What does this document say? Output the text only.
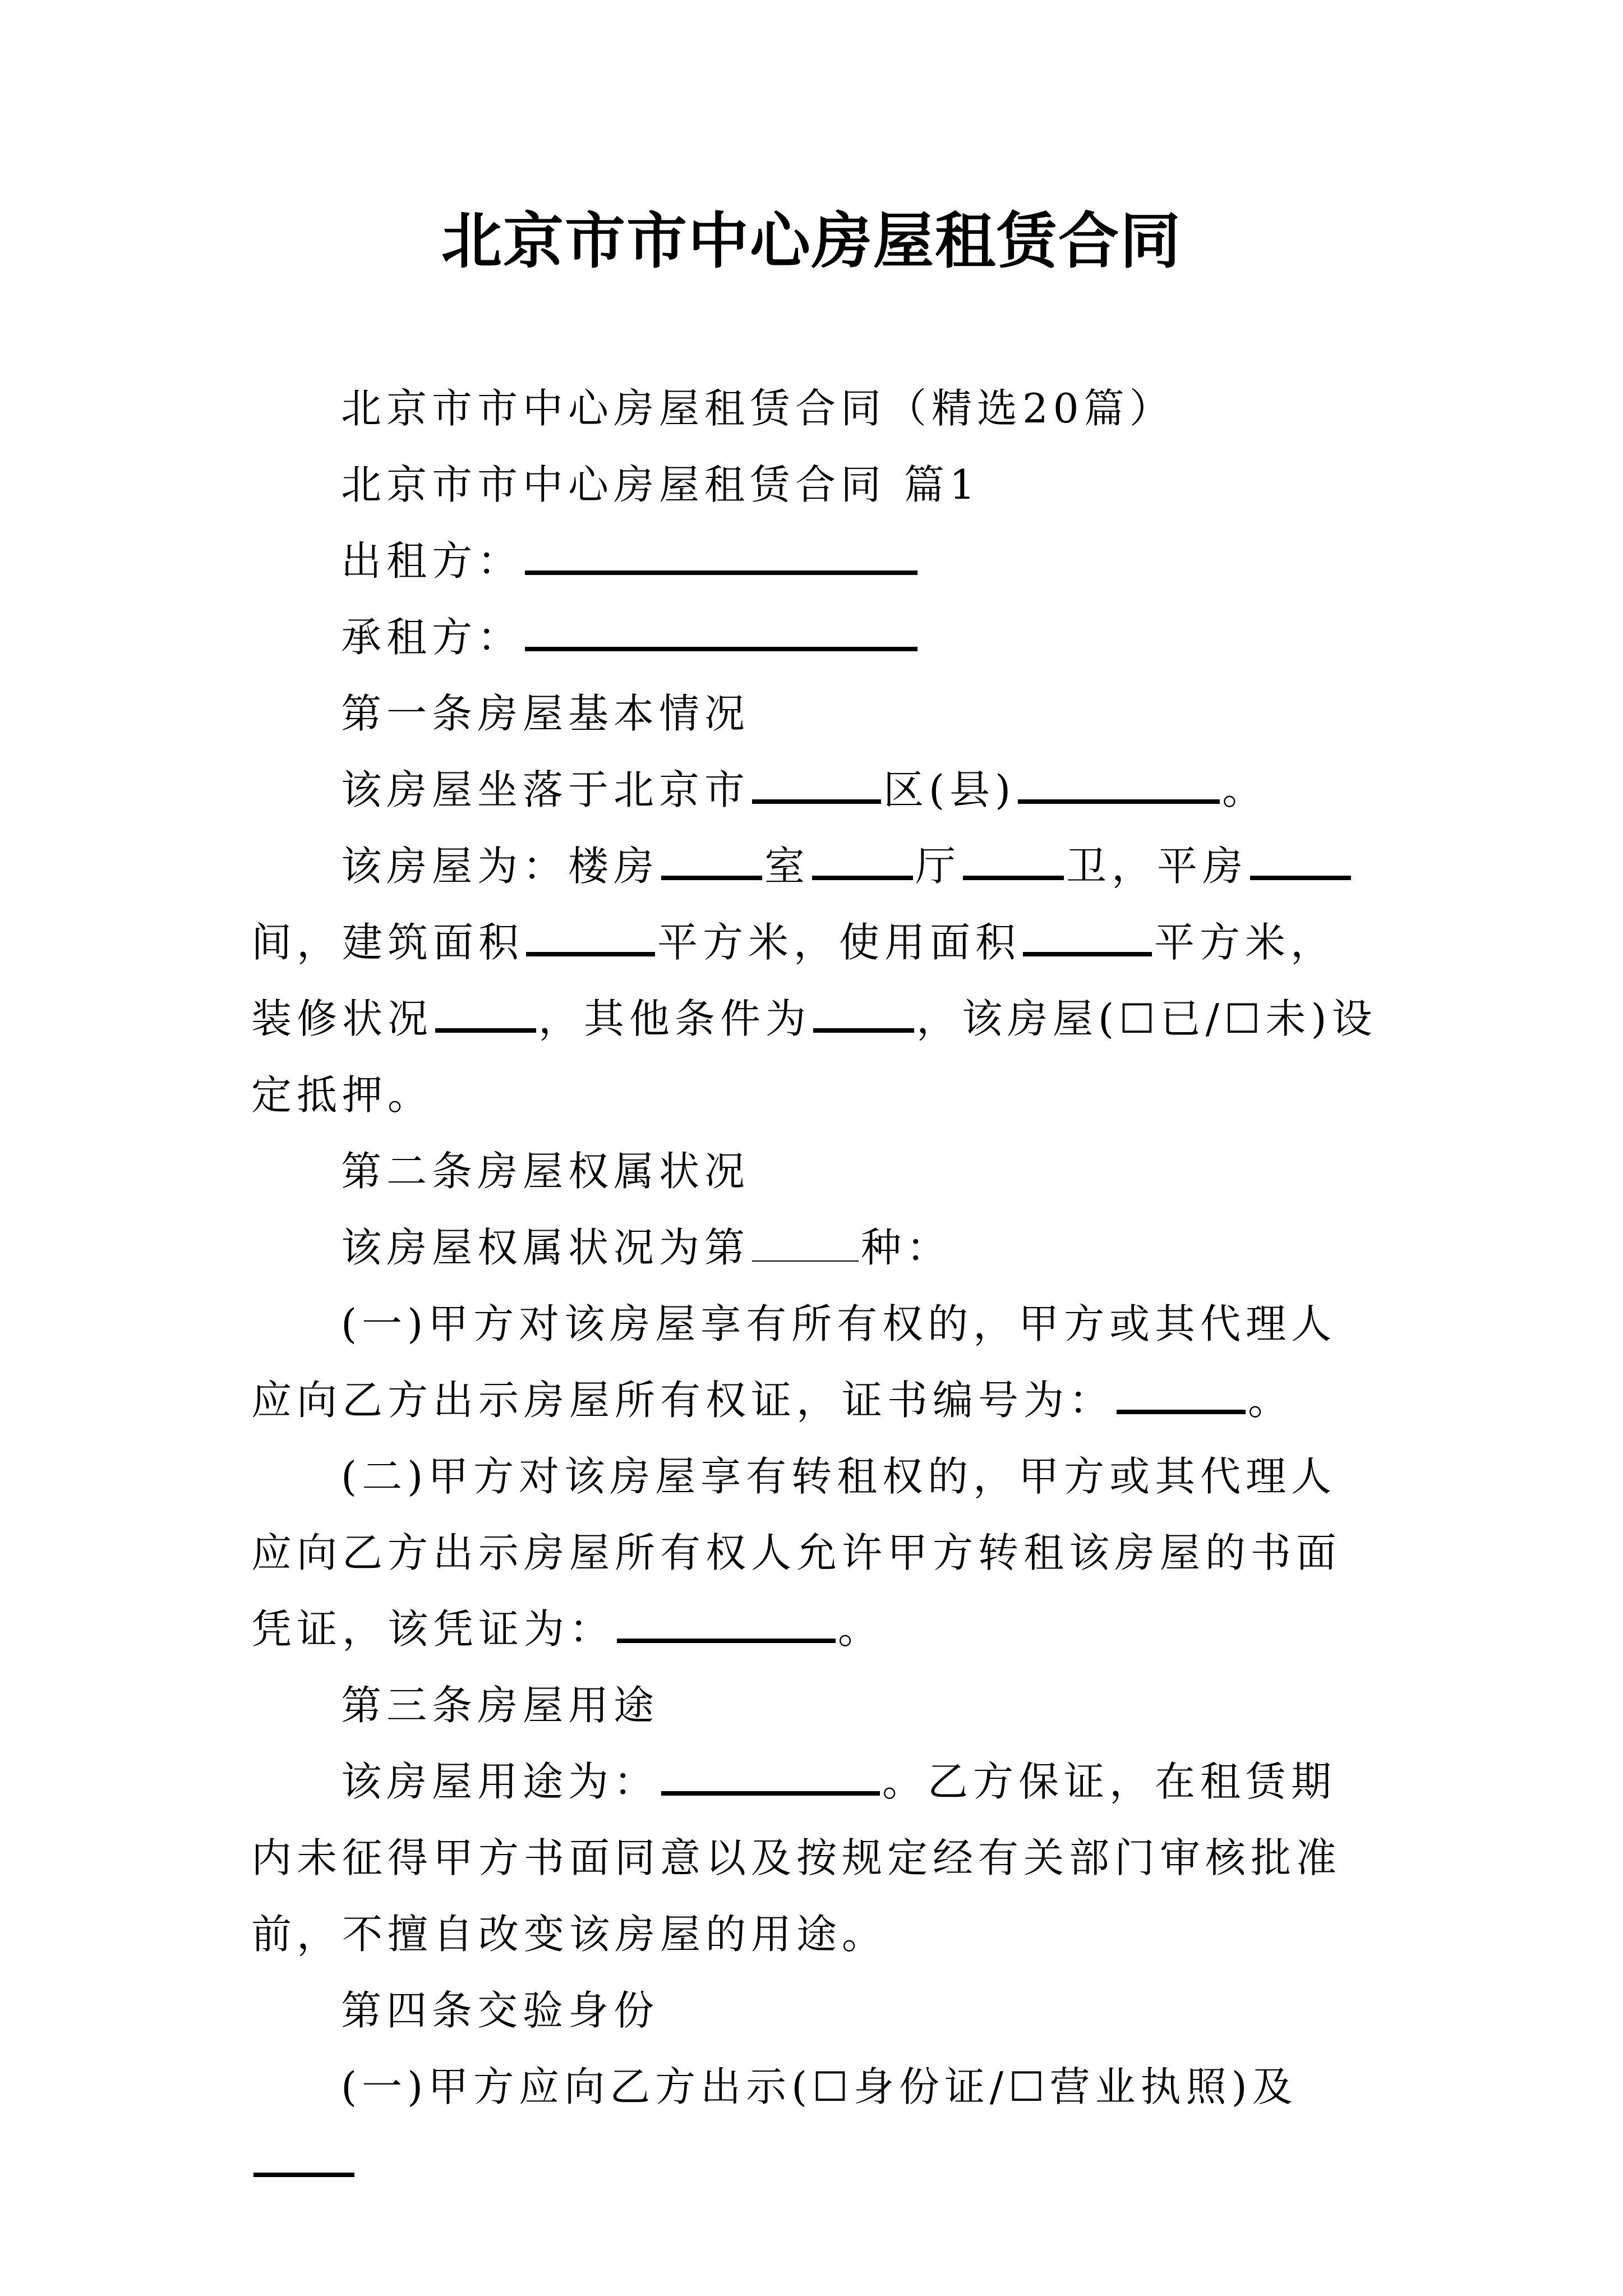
北京市市中心房屋租赁合同

北京市市中心房屋租赁合同（精选20篇）

北京市市中心房屋租赁合同 篇1

出租方：

承租方：

第一条房屋基本情况

该房屋坐落于北京市	区(县)	。

该房屋为：楼房	室	厅	卫，平房间，建筑面积	平方米，使用面积	平方米，装修状况	，其他条件为	，该房屋(☐已/☐未)设定抵押。

第二条房屋权属状况

该房屋权属状况为第	种：

(一)甲方对该房屋享有所有权的，甲方或其代理人应向乙方出示房屋所有权证，证书编号为：	。

(二)甲方对该房屋享有转租权的，甲方或其代理人应向乙方出示房屋所有权人允许甲方转租该房屋的书面凭证，该凭证为：	。

第三条房屋用途

该房屋用途为：	。乙方保证，在租赁期内未征得甲方书面同意以及按规定经有关部门审核批准前，不擅自改变该房屋的用途。

第四条交验身份

(一)甲方应向乙方出示(☐身份证/☐营业执照)及
